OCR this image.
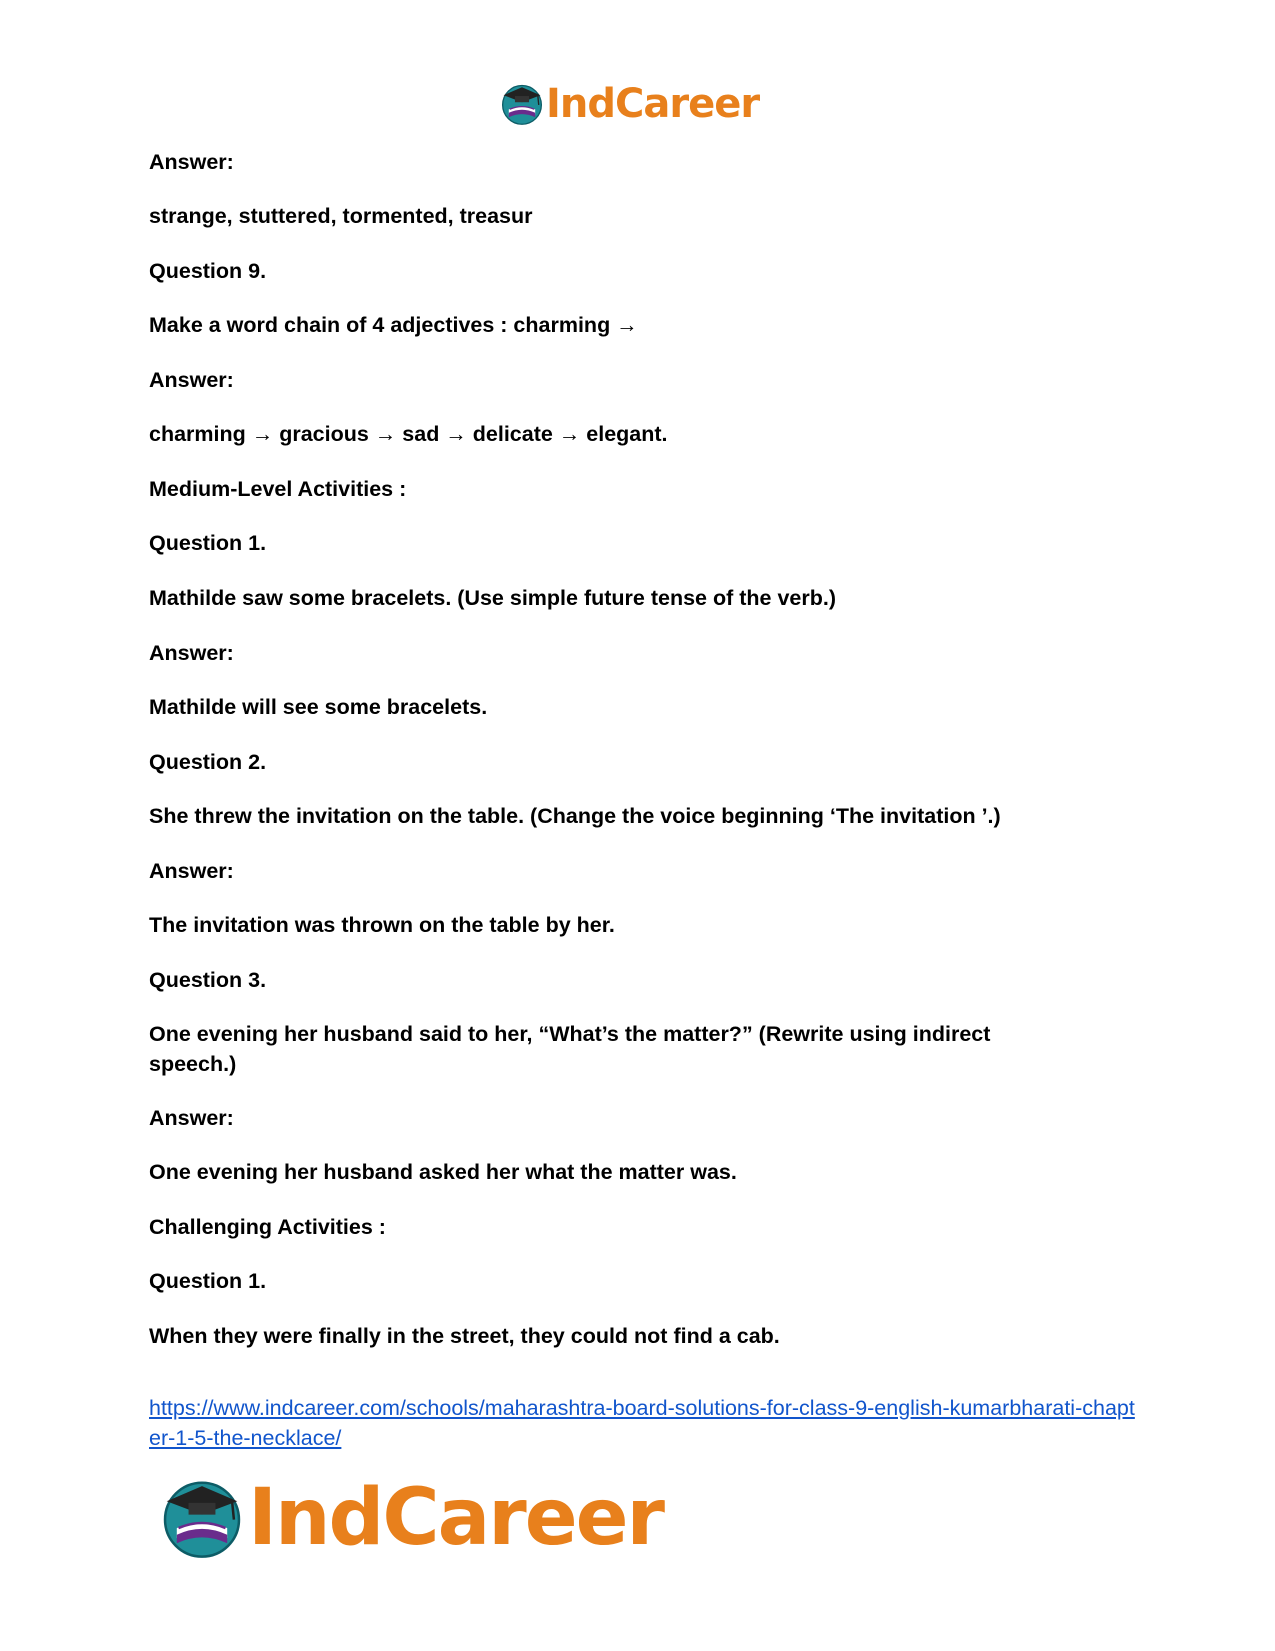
IndCareer
Answer:
strange, stuttered, tormented, treasur
Question 9.
Make a word chain of 4 adjectives : charming →
Answer:
charming → gracious → sad → delicate → elegant.
Medium-Level Activities :
Question 1.
Mathilde saw some bracelets. (Use simple future tense of the verb.)
Answer:
Mathilde will see some bracelets.
Question 2.
She threw the invitation on the table. (Change the voice beginning ‘The invitation ’.)
Answer:
The invitation was thrown on the table by her.
Question 3.
One evening her husband said to her, “What’s the matter?” (Rewrite using indirect speech.)
Answer:
One evening her husband asked her what the matter was.
Challenging Activities :
Question 1.
When they were finally in the street, they could not find a cab.
https://www.indcareer.com/schools/maharashtra-board-solutions-for-class-9-english-kumarbharati-chapter-1-5-the-necklace/
IndCareer
